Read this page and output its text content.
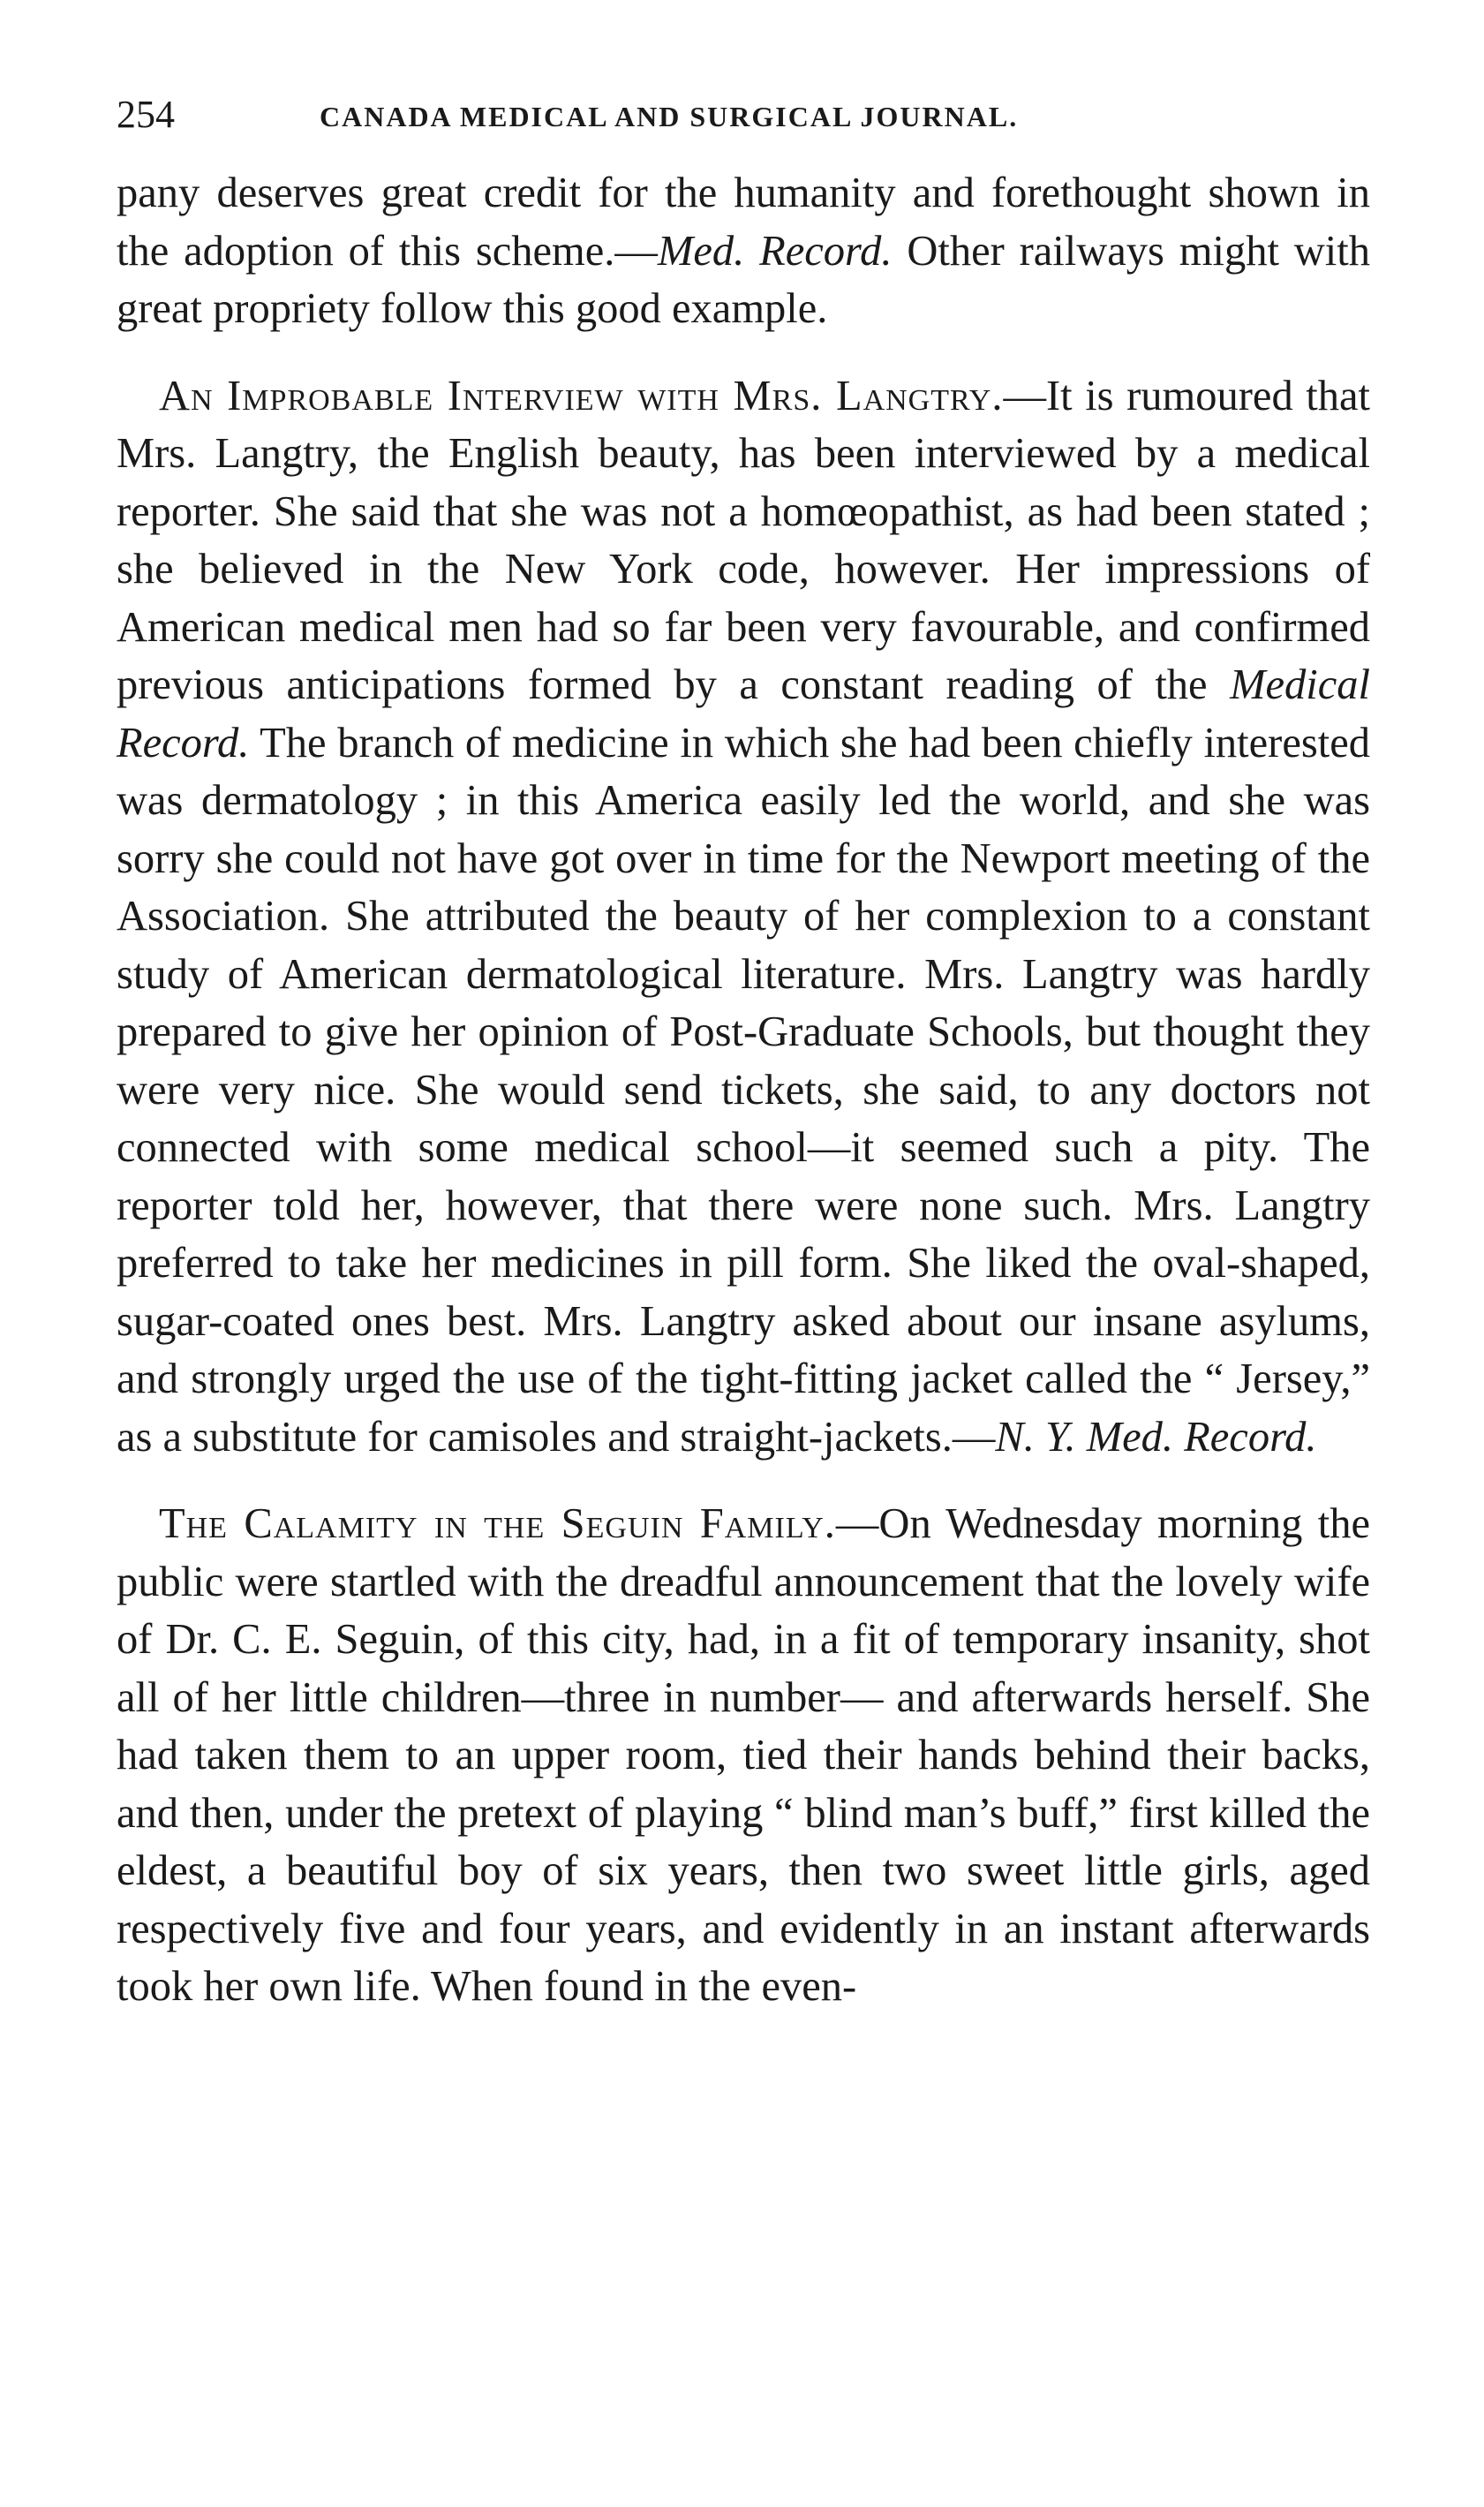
254	CANADA MEDICAL AND SURGICAL JOURNAL.

pany deserves great credit for the humanity and forethought shown in the adoption of this scheme.—Med. Record. Other railways might with great propriety follow this good example.

An Improbable Interview with Mrs. Langtry.—It is rumoured that Mrs. Langtry, the English beauty, has been interviewed by a medical reporter. She said that she was not a homœopathist, as had been stated ; she believed in the New York code, however. Her impressions of American medical men had so far been very favourable, and confirmed previous anticipations formed by a constant reading of the Medical Record. The branch of medicine in which she had been chiefly interested was dermatology ; in this America easily led the world, and she was sorry she could not have got over in time for the Newport meeting of the Association. She attributed the beauty of her complexion to a constant study of American dermatological literature. Mrs. Langtry was hardly prepared to give her opinion of Post-Graduate Schools, but thought they were very nice. She would send tickets, she said, to any doctors not connected with some medical school—it seemed such a pity. The reporter told her, however, that there were none such. Mrs. Langtry preferred to take her medicines in pill form. She liked the oval-shaped, sugar-coated ones best. Mrs. Langtry asked about our insane asylums, and strongly urged the use of the tight-fitting jacket called the “ Jersey,” as a substitute for camisoles and straight-jackets.—N. Y. Med. Record.

The Calamity in the Seguin Family.—On Wednesday morning the public were startled with the dreadful announcement that the lovely wife of Dr. C. E. Seguin, of this city, had, in a fit of temporary insanity, shot all of her little children—three in number— and afterwards herself. She had taken them to an upper room, tied their hands behind their backs, and then, under the pretext of playing “ blind man’s buff,” first killed the eldest, a beautiful boy of six years, then two sweet little girls, aged respectively five and four years, and evidently in an instant afterwards took her own life. When found in the even-
